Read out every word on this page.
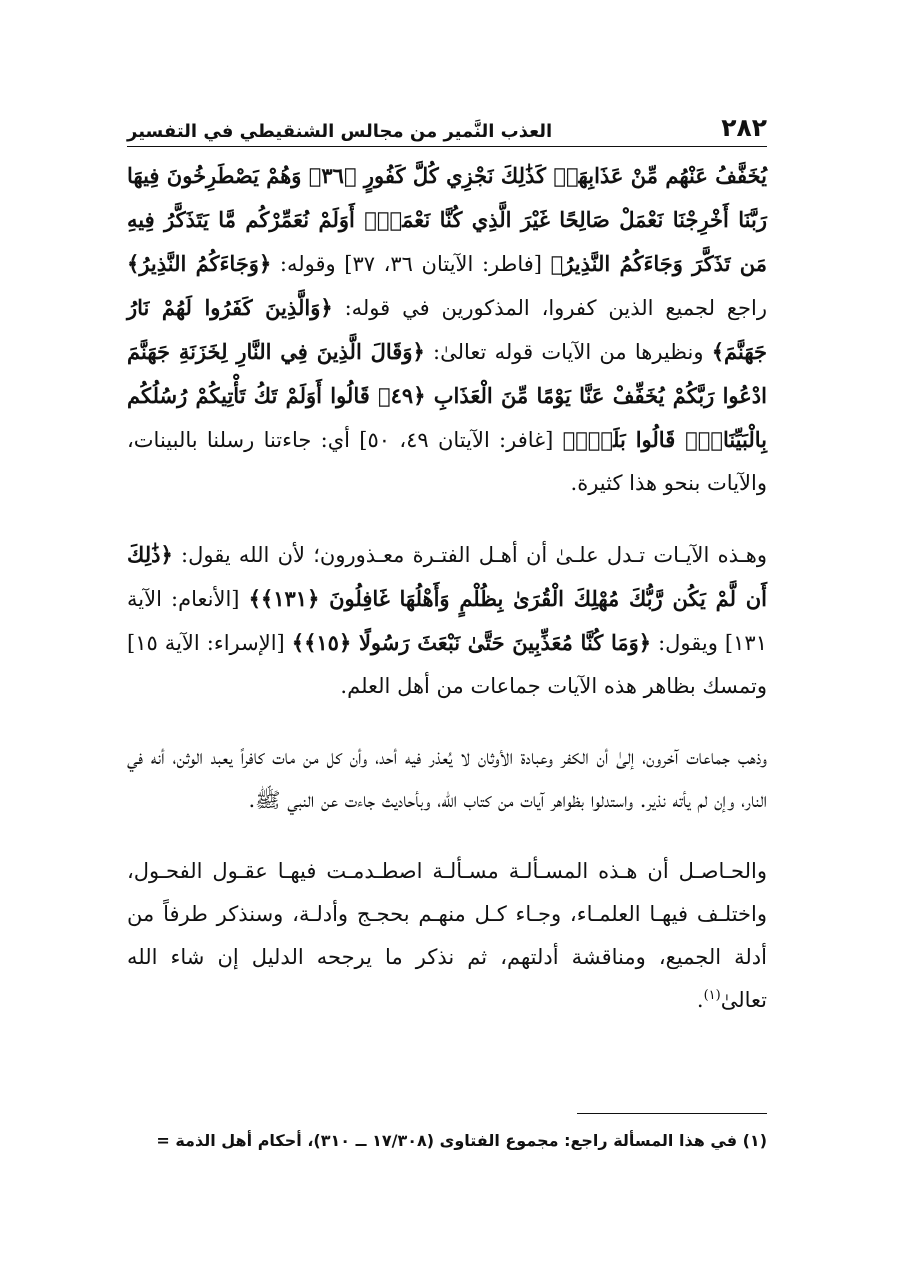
٢٨٢
العذب النَّمير من مجالس الشنقيطي في التفسير

يُخَفَّفُ عَنْهُم مِّنْ عَذَابِهَاۚ كَذَٰلِكَ نَجْزِي كُلَّ كَفُورٍ ﴿٣٦﴾ وَهُمْ يَصْطَرِخُونَ فِيهَا رَبَّنَا أَخْرِجْنَا نَعْمَلْ صَالِحًا غَيْرَ الَّذِي كُنَّا نَعْمَلُۚ أَوَلَمْ نُعَمِّرْكُم مَّا يَتَذَكَّرُ فِيهِ مَن تَذَكَّرَ وَجَاءَكُمُ النَّذِيرُ﴾ [فاطر: الآيتان ٣٦، ٣٧] وقوله: ﴿وَجَاءَكُمُ النَّذِيرُ﴾ راجع لجميع الذين كفروا، المذكورين في قوله: ﴿وَالَّذِينَ كَفَرُوا لَهُمْ نَارُ جَهَنَّمَ﴾ ونظيرها من الآيات قوله تعالىٰ: ﴿وَقَالَ الَّذِينَ فِي النَّارِ لِخَزَنَةِ جَهَنَّمَ ادْعُوا رَبَّكُمْ يُخَفِّفْ عَنَّا يَوْمًا مِّنَ الْعَذَابِ ﴿٤٩﴾ قَالُوا أَوَلَمْ تَكُ تَأْتِيكُمْ رُسُلُكُم بِالْبَيِّنَاتِۖ قَالُوا بَلَىٰۚ﴾ [غافر: الآيتان ٤٩، ٥٠] أي: جاءتنا رسلنا بالبينات، والآيات بنحو هذا كثيرة.

وهـذه الآيـات تـدل علـىٰ أن أهـل الفتـرة معـذورون؛ لأن الله يقول: ﴿ذَٰلِكَ أَن لَّمْ يَكُن رَّبُّكَ مُهْلِكَ الْقُرَىٰ بِظُلْمٍ وَأَهْلُهَا غَافِلُونَ ﴿١٣١﴾﴾ [الأنعام: الآية ١٣١] ويقول: ﴿وَمَا كُنَّا مُعَذِّبِينَ حَتَّىٰ نَبْعَثَ رَسُولًا ﴿١٥﴾﴾ [الإسراء: الآية ١٥] وتمسك بظاهر هذه الآيات جماعات من أهل العلم.

وذهب جماعات آخرون، إلىٰ أن الكفر وعبادة الأوثان لا يُعذر فيه أحد، وأن كل من مات كافراً يعبد الوثن، أنه في النار، وإن لم يأته نذير. واستدلوا بظواهر آيات من كتاب الله، وبأحاديث جاءت عن النبي ﷺ.

والحـاصـل أن هـذه المسـألـة مسـألـة اصطـدمـت فيهـا عقـول الفحـول، واختلـف فيهـا العلمـاء، وجـاء كـل منهـم بحجـج وأدلـة، وسنذكر طرفاً من أدلة الجميع، ومناقشة أدلتهم، ثم نذكر ما يرجحه الدليل إن شاء الله تعالىٰ$^{(١)}$.

(١) في هذا المسألة راجع: مجموع الفتاوى (١٧/٣٠٨ ــ ٣١٠)، أحكام أهل الذمة =
